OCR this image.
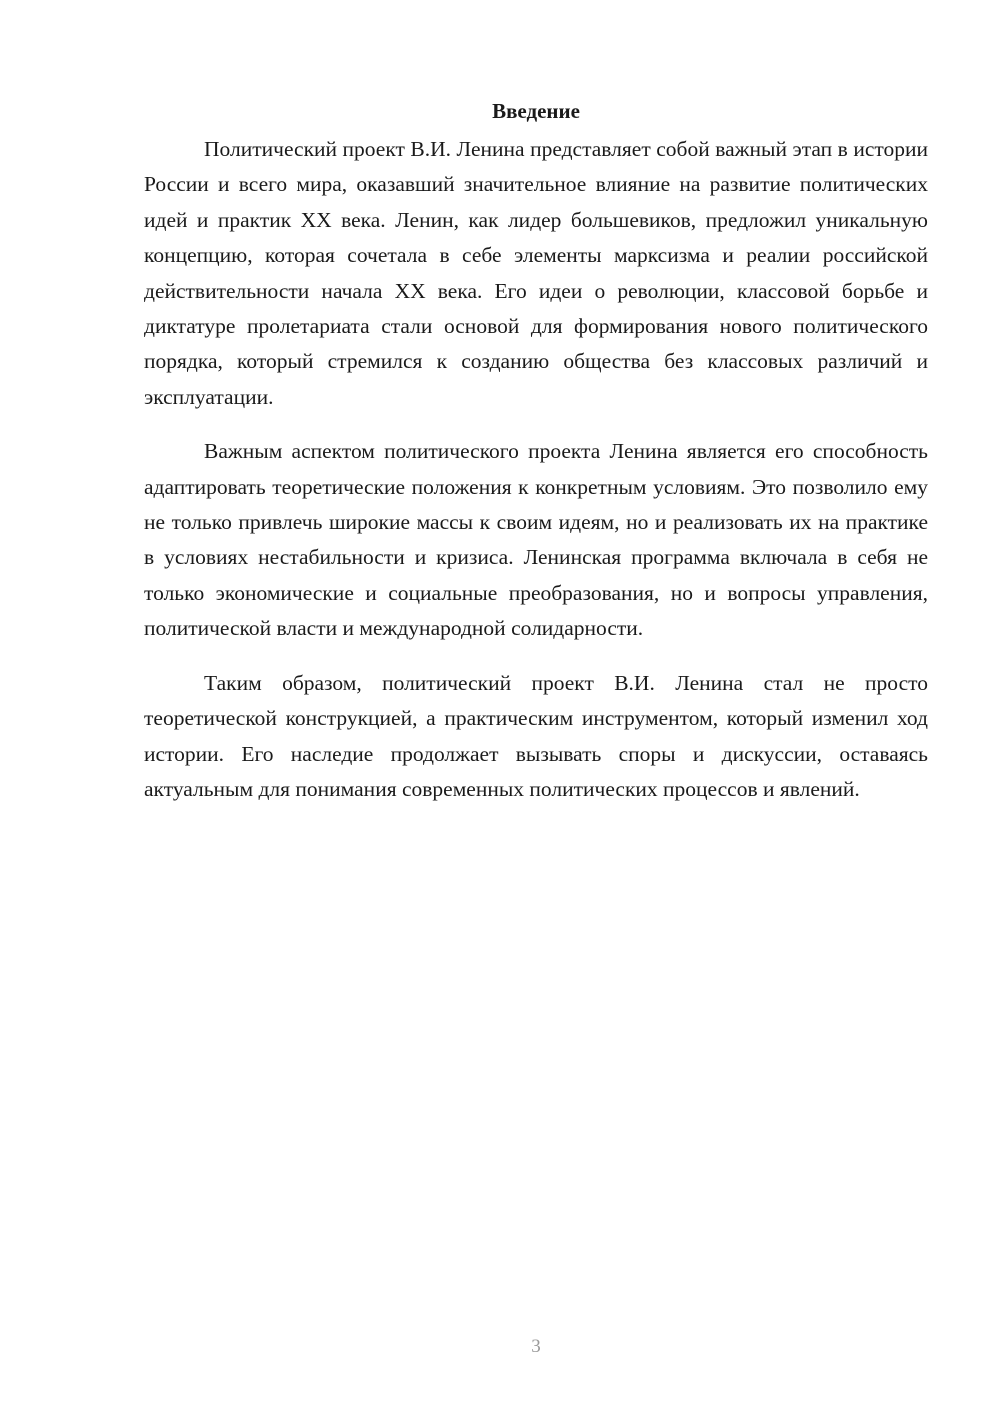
Введение

Политический проект В.И. Ленина представляет собой важный этап в истории России и всего мира, оказавший значительное влияние на развитие политических идей и практик XX века. Ленин, как лидер большевиков, предложил уникальную концепцию, которая сочетала в себе элементы марксизма и реалии российской действительности начала XX века. Его идеи о революции, классовой борьбе и диктатуре пролетариата стали основой для формирования нового политического порядка, который стремился к созданию общества без классовых различий и эксплуатации.

Важным аспектом политического проекта Ленина является его способность адаптировать теоретические положения к конкретным условиям. Это позволило ему не только привлечь широкие массы к своим идеям, но и реализовать их на практике в условиях нестабильности и кризиса. Ленинская программа включала в себя не только экономические и социальные преобразования, но и вопросы управления, политической власти и международной солидарности.

Таким образом, политический проект В.И. Ленина стал не просто теоретической конструкцией, а практическим инструментом, который изменил ход истории. Его наследие продолжает вызывать споры и дискуссии, оставаясь актуальным для понимания современных политических процессов и явлений.

3
